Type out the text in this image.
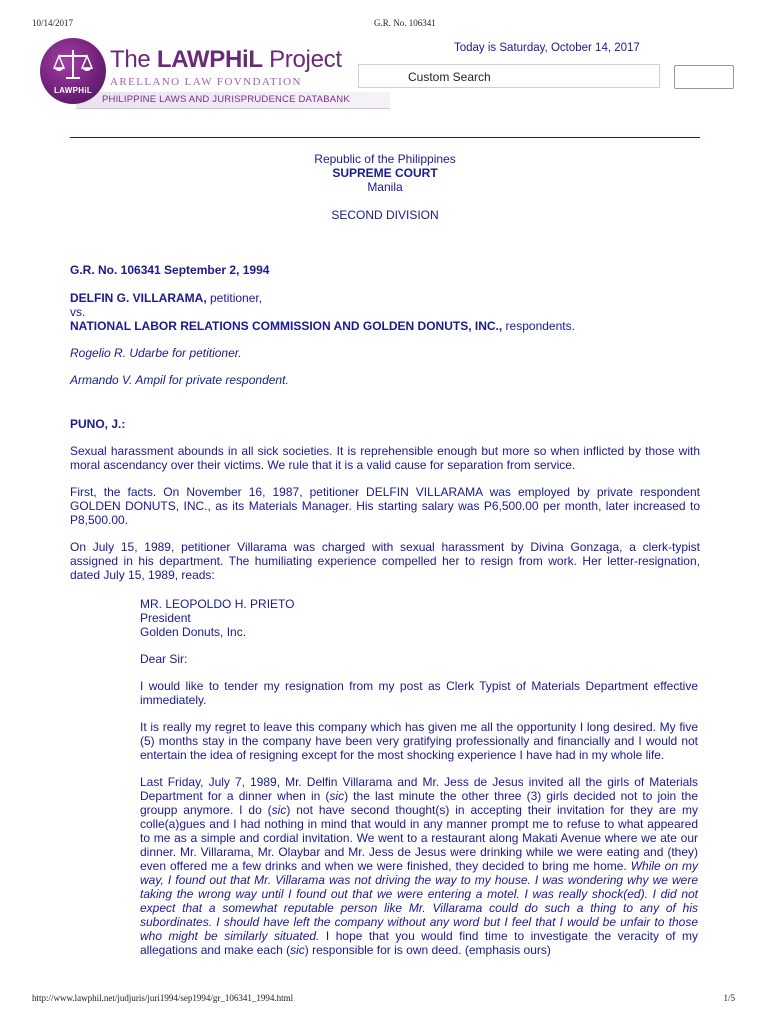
10/14/2017	G.R. No. 106341
PHILIPPINE LAWS AND JURISPRUDENCE DATABANK
LAWPHiL
The LAWPHiL Project
ARELLANO LAW FOVNDATION
Today is Saturday, October 14, 2017
Custom Search
Republic of the Philippines
SUPREME COURT
Manila
SECOND DIVISION

G.R. No. 106341 September 2, 1994

DELFIN G. VILLARAMA, petitioner,

vs.

NATIONAL LABOR RELATIONS COMMISSION AND GOLDEN DONUTS, INC., respondents.

Rogelio R. Udarbe for petitioner.

Armando V. Ampil for private respondent.

PUNO, J.:

Sexual harassment abounds in all sick societies. It is reprehensible enough but more so when inflicted by those with moral ascendancy over their victims. We rule that it is a valid cause for separation from service.

First, the facts. On November 16, 1987, petitioner DELFIN VILLARAMA was employed by private respondent GOLDEN DONUTS, INC., as its Materials Manager. His starting salary was P6,500.00 per month, later increased to P8,500.00.

On July 15, 1989, petitioner Villarama was charged with sexual harassment by Divina Gonzaga, a clerk-typist assigned in his department. The humiliating experience compelled her to resign from work. Her letter-resignation, dated July 15, 1989, reads:

MR. LEOPOLDO H. PRIETO

President

Golden Donuts, Inc.

Dear Sir:

I would like to tender my resignation from my post as Clerk Typist of Materials Department effective immediately.

It is really my regret to leave this company which has given me all the opportunity I long desired. My five (5) months stay in the company have been very gratifying professionally and financially and I would not entertain the idea of resigning except for the most shocking experience I have had in my whole life.

Last Friday, July 7, 1989, Mr. Delfin Villarama and Mr. Jess de Jesus invited all the girls of Materials Department for a dinner when in (sic) the last minute the other three (3) girls decided not to join the groupp anymore. I do (sic) not have second thought(s) in accepting their invitation for they are my colle(a)gues and I had nothing in mind that would in any manner prompt me to refuse to what appeared to me as a simple and cordial invitation. We went to a restaurant along Makati Avenue where we ate our dinner. Mr. Villarama, Mr. Olaybar and Mr. Jess de Jesus were drinking while we were eating and (they) even offered me a few drinks and when we were finished, they decided to bring me home. While on my way, I found out that Mr. Villarama was not driving the way to my house. I was wondering why we were taking the wrong way until I found out that we were entering a motel. I was really shock(ed). I did not expect that a somewhat reputable person like Mr. Villarama could do such a thing to any of his subordinates. I should have left the company without any word but I feel that I would be unfair to those who might be similarly situated. I hope that you would find time to investigate the veracity of my allegations and make each (sic) responsible for is own deed. (emphasis ours)

http://www.lawphil.net/judjuris/juri1994/sep1994/gr_106341_1994.html	1/5
